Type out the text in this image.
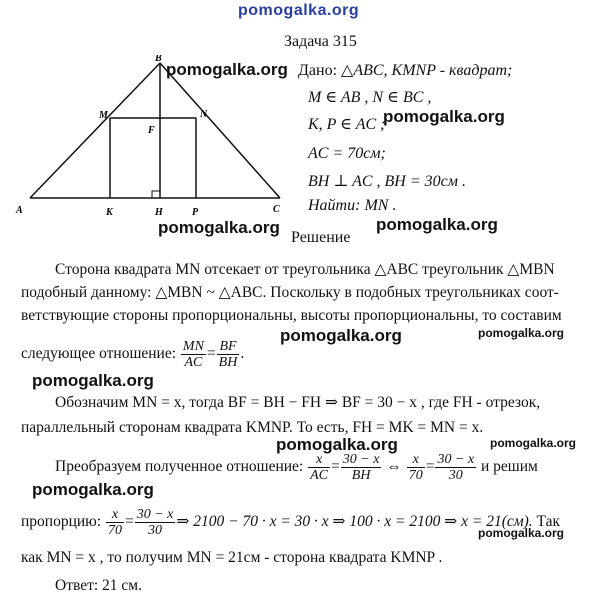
pomogalka.org
Задача 315
B
M	N
F
A	K	H	P	C
pomogalka.org
pomogalka.org
pomogalka.org	pomogalka.org
Дано: △ABC, KMNP - квадрат;
M ∈ AB , N ∈ BC ,
K, P ∈ AC ;
AC = 70см;
BH ⊥ AC , BH = 30см .
Найти: MN .
Решение
Сторона квадрата MN отсекает от треугольника △ABC треугольник △MBN
подобный данному: △MBN ~ △ABC. Поскольку в подобных треугольниках соот-
ветствующие стороны пропорциональны, высоты пропорциональны, то составим
pomogalka.org
pomogalka.org
следующее отношение: $\frac{MN}{AC} = \frac{BF}{BH}$ .
pomogalka.org
Обозначим MN = x, тогда BF = BH − FH ⇒ BF = 30 − x , где FH - отрезок,
параллельный сторонам квадрата KMNP. То есть, FH = MK = MN = x.
pomogalka.org
pomogalka.org
Преобразуем полученное отношение: $\frac{x}{AC} = \frac{30 - x}{BH}$ ⇔ $\frac{x}{70} = \frac{30 - x}{30}$ и решим
pomogalka.org
пропорцию: $\frac{x}{70} = \frac{30 - x}{30}$ ⇒ 2100 − 70 · x = 30 · x ⇒ 100 · x = 2100 ⇒ x = 21(см). Так
pomogalka.org
как MN = x , то получим MN = 21см - сторона квадрата KMNP .
Ответ: 21 см.
